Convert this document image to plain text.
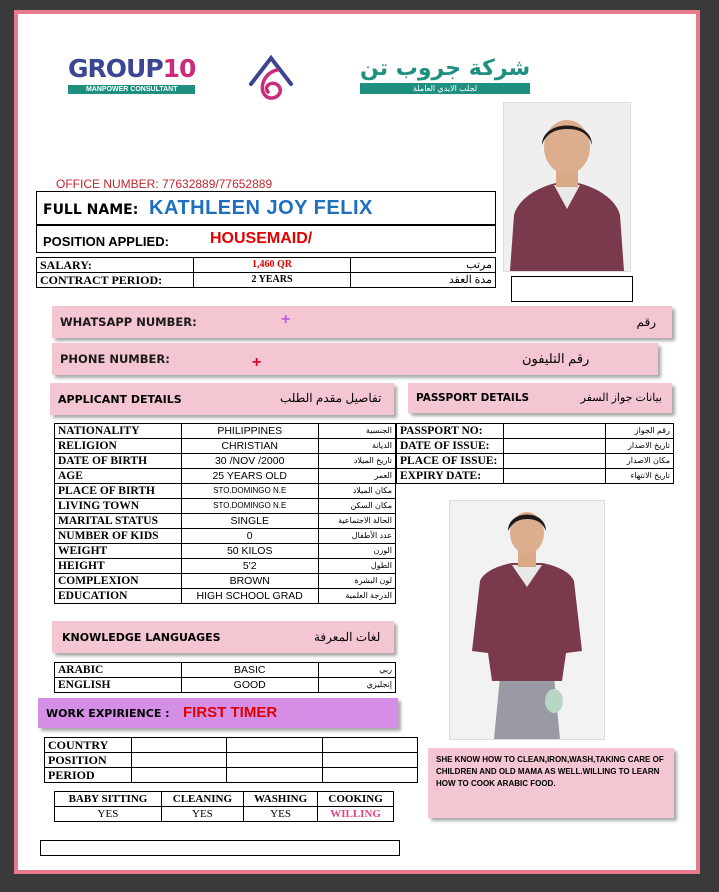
GROUP10
MANPOWER CONSULTANT
شركة جروب تن
لجلب الايدي العاملة
OFFICE NUMBER: 77632889/77652889
FULL NAME: KATHLEEN JOY FELIX
POSITION APPLIED:	HOUSEMAID/
SALARY:	1,460 QR	مرتب
CONTRACT PERIOD:	2 YEARS	مدة العقد
WHATSAPP NUMBER:	+	رقم
PHONE NUMBER:	+	رقم التليفون
APPLICANT DETAILS	تفاصيل مقدم الطلب	PASSPORT DETAILS	بيانات جواز السفر
NATIONALITY	PHILIPPINES	الجنسية
RELIGION	CHRISTIAN	الديانة
DATE OF BIRTH	30 /NOV /2000	تاريخ الميلاد
AGE	25 YEARS OLD	العمر
PLACE OF BIRTH	STO.DOMINGO N.E	مكان الميلاد
LIVING TOWN	STO.DOMINGO N.E	مكان السكن
MARITAL STATUS	SINGLE	الحالة الاجتماعية
NUMBER OF KIDS	0	عدد الأطفال
WEIGHT	50 KILOS	الوزن
HEIGHT	5'2	الطول
COMPLEXION	BROWN	لون البشرة
EDUCATION	HIGH SCHOOL GRAD	الدرجة العلمية
PASSPORT NO:		رقم الجواز
DATE OF ISSUE:		تاريخ الاصدار
PLACE OF ISSUE:		مكان الاصدار
EXPIRY DATE:		تاريخ الانتهاء
KNOWLEDGE LANGUAGES	لغات المعرفة
ARABIC	BASIC	ربي
ENGLISH	GOOD	إنجليزي
WORK EXPIRIENCE : FIRST TIMER
COUNTRY			
POSITION			
PERIOD			
BABY SITTING	CLEANING	WASHING	COOKING
YES	YES	YES	WILLING
SHE KNOW HOW TO CLEAN,IRON,WASH,TAKING CARE OF CHILDREN AND OLD MAMA AS WELL.WILLING TO LEARN HOW TO COOK ARABIC FOOD.
